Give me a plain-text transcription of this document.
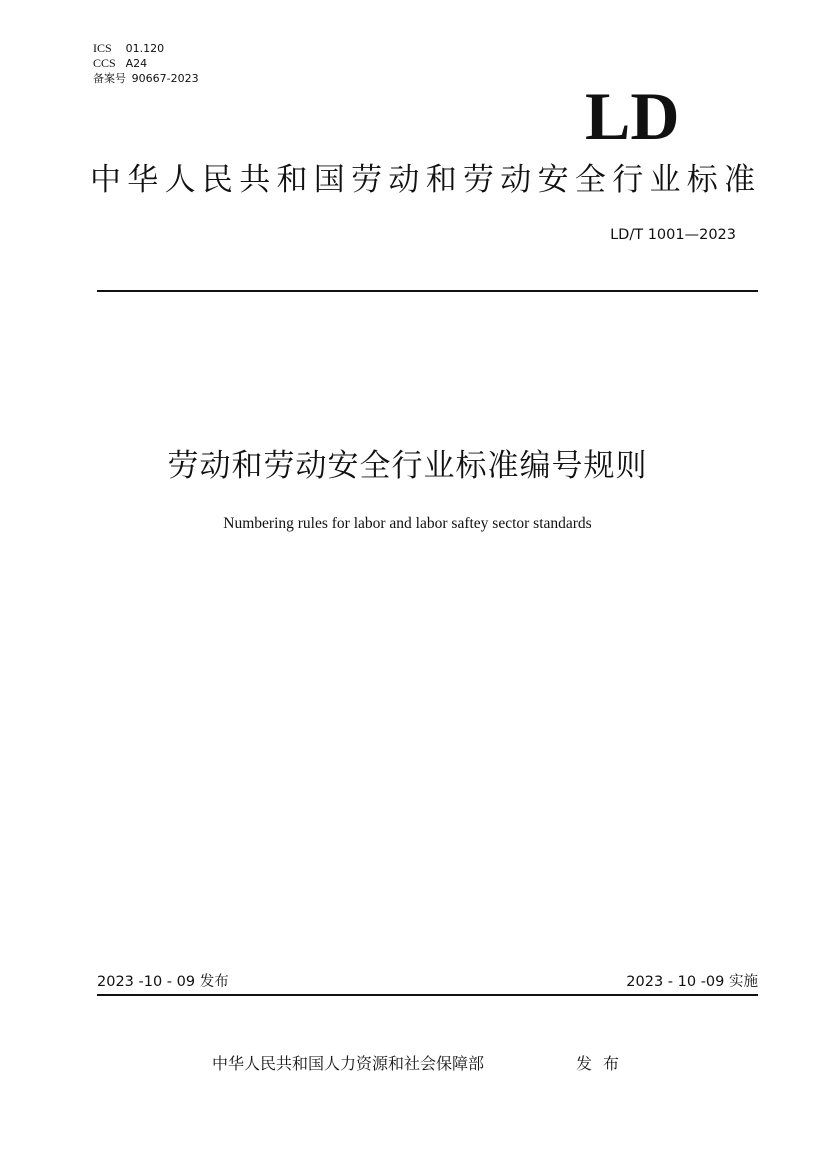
ICS 01.120
CCS A24
备案号 90667-2023	LD
中华人民共和国劳动和劳动安全行业标准
LD/T 1001—2023
劳动和劳动安全行业标准编号规则
Numbering rules for labor and labor saftey sector standards
2023 -10 - 09 发布	2023 - 10 -09 实施
中华人民共和国人力资源和社会保障部	发布
